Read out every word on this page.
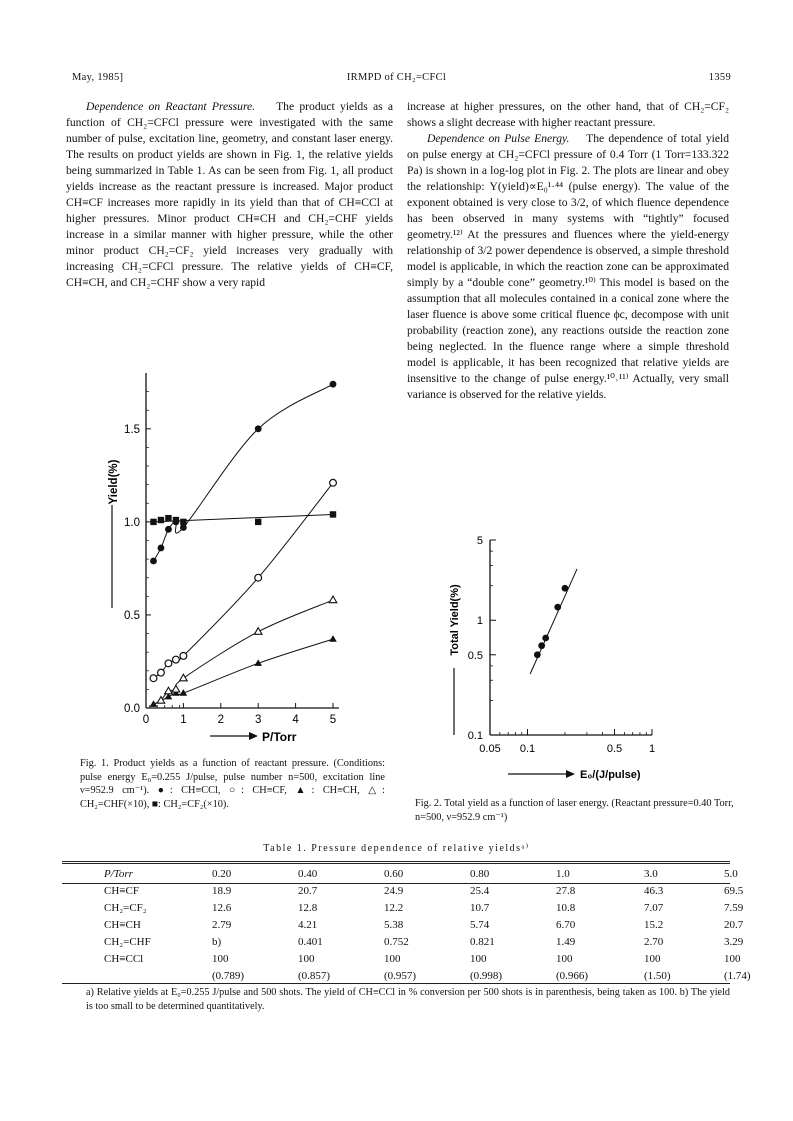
May, 1985]	IRMPD of CH₂=CFCl	1359

Dependence on Reactant Pressure. The product yields as a function of CH₂=CFCl pressure were investigated with the same number of pulse, excitation line, geometry, and constant laser energy. The results on product yields are shown in Fig. 1, the relative yields being summarized in Table 1. As can be seen from Fig. 1, all product yields increase as the reactant pressure is increased. Major product CH≡CF increases more rapidly in its yield than that of CH≡CCl at higher pressures. Minor product CH≡CH and CH₂=CHF yields increase in a similar manner with higher pressure, while the other minor product CH₂=CF₂ yield increases very gradually with increasing CH₂=CFCl pressure. The relative yields of CH≡CF, CH≡CH, and CH₂=CHF show a very rapid

increase at higher pressures, on the other hand, that of CH₂=CF₂ shows a slight decrease with higher reactant pressure.

Dependence on Pulse Energy. The dependence of total yield on pulse energy at CH₂=CFCl pressure of 0.4 Torr (1 Torr=133.322 Pa) is shown in a log-log plot in Fig. 2. The plots are linear and obey the relationship: Y(yield)∝E₀¹·⁴⁴ (pulse energy). The value of the exponent obtained is very close to 3/2, of which fluence dependence has been observed in many systems with “tightly” focused geometry.¹²⁾ At the pressures and fluences where the yield-energy relationship of 3/2 power dependence is observed, a simple threshold model is applicable, in which the reaction zone can be approximated simply by a “double cone” geometry.¹⁰⁾ This model is based on the assumption that all molecules contained in a conical zone where the laser fluence is above some critical fluence ϕc, decompose with unit probability (reaction zone), any reactions outside the reaction zone being neglected. In the fluence range where a simple threshold model is applicable, it has been recognized that relative yields are insensitive to the change of pulse energy.¹⁰˒¹¹⁾ Actually, very small variance is observed for the relative yields.

0	1	2	3	4	5
0.0
0.5
1.0
1.5
Yield(%)
P/Torr
Fig. 1. Product yields as a function of reactant pressure. (Conditions: pulse energy E₀=0.255 J/pulse, pulse number n=500, excitation line ν=952.9 cm⁻¹). ●: CH≡CCl, ○: CH≡CF, ▲: CH≡CH, △: CH₂=CHF(×10), ■: CH₂=CF₂(×10).
0.05 0.1	0.5 1
0.1
0.5
1
5
Total Yield(%)
E₀/(J/pulse)
Fig. 2. Total yield as a function of laser energy. (Reactant pressure=0.40 Torr, n=500, ν=952.9 cm⁻¹)
Table 1. Pressure dependence of relative yieldsᵃ⁾
P/Torr	0.20	0.40	0.60	0.80	1.0	3.0	5.0
CH≡CF	18.9	20.7	24.9	25.4	27.8	46.3	69.5
CH₂=CF₂	12.6	12.8	12.2	10.7	10.8	7.07	7.59
CH≡CH	2.79	4.21	5.38	5.74	6.70	15.2	20.7
CH₂=CHF	b)	0.401	0.752	0.821	1.49	2.70	3.29
CH≡CCl	100	100	100	100	100	100	100
	(0.789)	(0.857)	(0.957)	(0.998)	(0.966)	(1.50)	(1.74)
a) Relative yields at E₀=0.255 J/pulse and 500 shots. The yield of CH≡CCl in % conversion per 500 shots is in parenthesis, being taken as 100. b) The yield is too small to be determined quantitatively.
